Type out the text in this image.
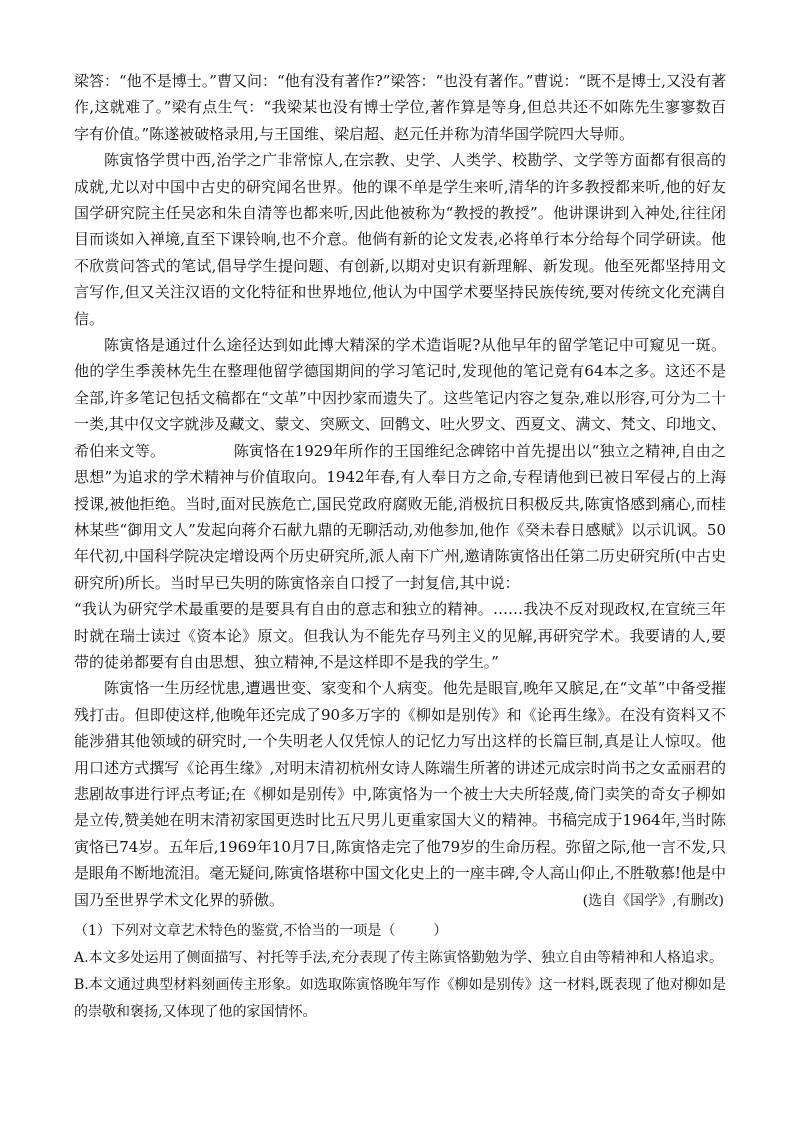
梁答：“他不是博士。”曹又问：“他有没有著作?”梁答：“也没有著作。”曹说：“既不是博士,又没有著作,这就难了。”梁有点生气：“我梁某也没有博士学位,著作算是等身,但总共还不如陈先生寥寥数百字有价值。”陈遂被破格录用,与王国维、梁启超、赵元任并称为清华国学院四大导师。

陈寅恪学贯中西,治学之广非常惊人,在宗教、史学、人类学、校勘学、文学等方面都有很高的成就,尤以对中国中古史的研究闻名世界。他的课不单是学生来听,清华的许多教授都来听,他的好友国学研究院主任吴宓和朱自清等也都来听,因此他被称为“教授的教授”。他讲课讲到入神处,往往闭目而谈如入禅境,直至下课铃响,也不介意。他倘有新的论文发表,必将单行本分给每个同学研读。他不欣赏问答式的笔试,倡导学生提问题、有创新,以期对史识有新理解、新发现。他至死都坚持用文言写作,但又关注汉语的文化特征和世界地位,他认为中国学术要坚持民族传统,要对传统文化充满自信。

陈寅恪是通过什么途径达到如此博大精深的学术造诣呢?从他早年的留学笔记中可窥见一斑。他的学生季羡林先生在整理他留学德国期间的学习笔记时,发现他的笔记竟有64本之多。这还不是全部,许多笔记包括文稿都在“文革”中因抄家而遗失了。这些笔记内容之复杂,难以形容,可分为二十一类,其中仅文字就涉及藏文、蒙文、突厥文、回鹘文、吐火罗文、西夏文、满文、梵文、印地文、希伯来文等。　　　　　陈寅恪在1929年所作的王国维纪念碑铭中首先提出以“独立之精神,自由之思想”为追求的学术精神与价值取向。1942年春,有人奉日方之命,专程请他到已被日军侵占的上海授课,被他拒绝。当时,面对民族危亡,国民党政府腐败无能,消极抗日积极反共,陈寅恪感到痛心,而桂林某些“御用文人”发起向蒋介石献九鼎的无聊活动,劝他参加,他作《癸未春日感赋》以示讥讽。50年代初,中国科学院决定增设两个历史研究所,派人南下广州,邀请陈寅恪出任第二历史研究所(中古史研究所)所长。当时早已失明的陈寅恪亲自口授了一封复信,其中说：

“我认为研究学术最重要的是要具有自由的意志和独立的精神。……我决不反对现政权,在宣统三年时就在瑞士读过《资本论》原文。但我认为不能先存马列主义的见解,再研究学术。我要请的人,要带的徒弟都要有自由思想、独立精神,不是这样即不是我的学生。”

陈寅恪一生历经忧患,遭遇世变、家变和个人病变。他先是眼盲,晚年又膑足,在“文革”中备受摧残打击。但即使这样,他晚年还完成了90多万字的《柳如是别传》和《论再生缘》。在没有资料又不能涉猎其他领域的研究时,一个失明老人仅凭惊人的记忆力写出这样的长篇巨制,真是让人惊叹。他用口述方式撰写《论再生缘》,对明末清初杭州女诗人陈端生所著的讲述元成宗时尚书之女孟丽君的悲剧故事进行评点考证;在《柳如是别传》中,陈寅恪为一个被士大夫所轻蔑,倚门卖笑的奇女子柳如是立传,赞美她在明末清初家国更迭时比五尺男儿更重家国大义的精神。书稿完成于1964年,当时陈寅恪已74岁。五年后,1969年10月7日,陈寅恪走完了他79岁的生命历程。弥留之际,他一言不发,只是眼角不断地流泪。毫无疑问,陈寅恪堪称中国文化史上的一座丰碑,令人高山仰止,不胜敬慕!他是中国乃至世界学术文化界的骄傲。	(选自《国学》,有删改)

（1）下列对文章艺术特色的鉴赏,不恰当的一项是（	）

A.本文多处运用了侧面描写、衬托等手法,充分表现了传主陈寅恪勤勉为学、独立自由等精神和人格追求。

B.本文通过典型材料刻画传主形象。如选取陈寅恪晚年写作《柳如是别传》这一材料,既表现了他对柳如是的崇敬和褒扬,又体现了他的家国情怀。
